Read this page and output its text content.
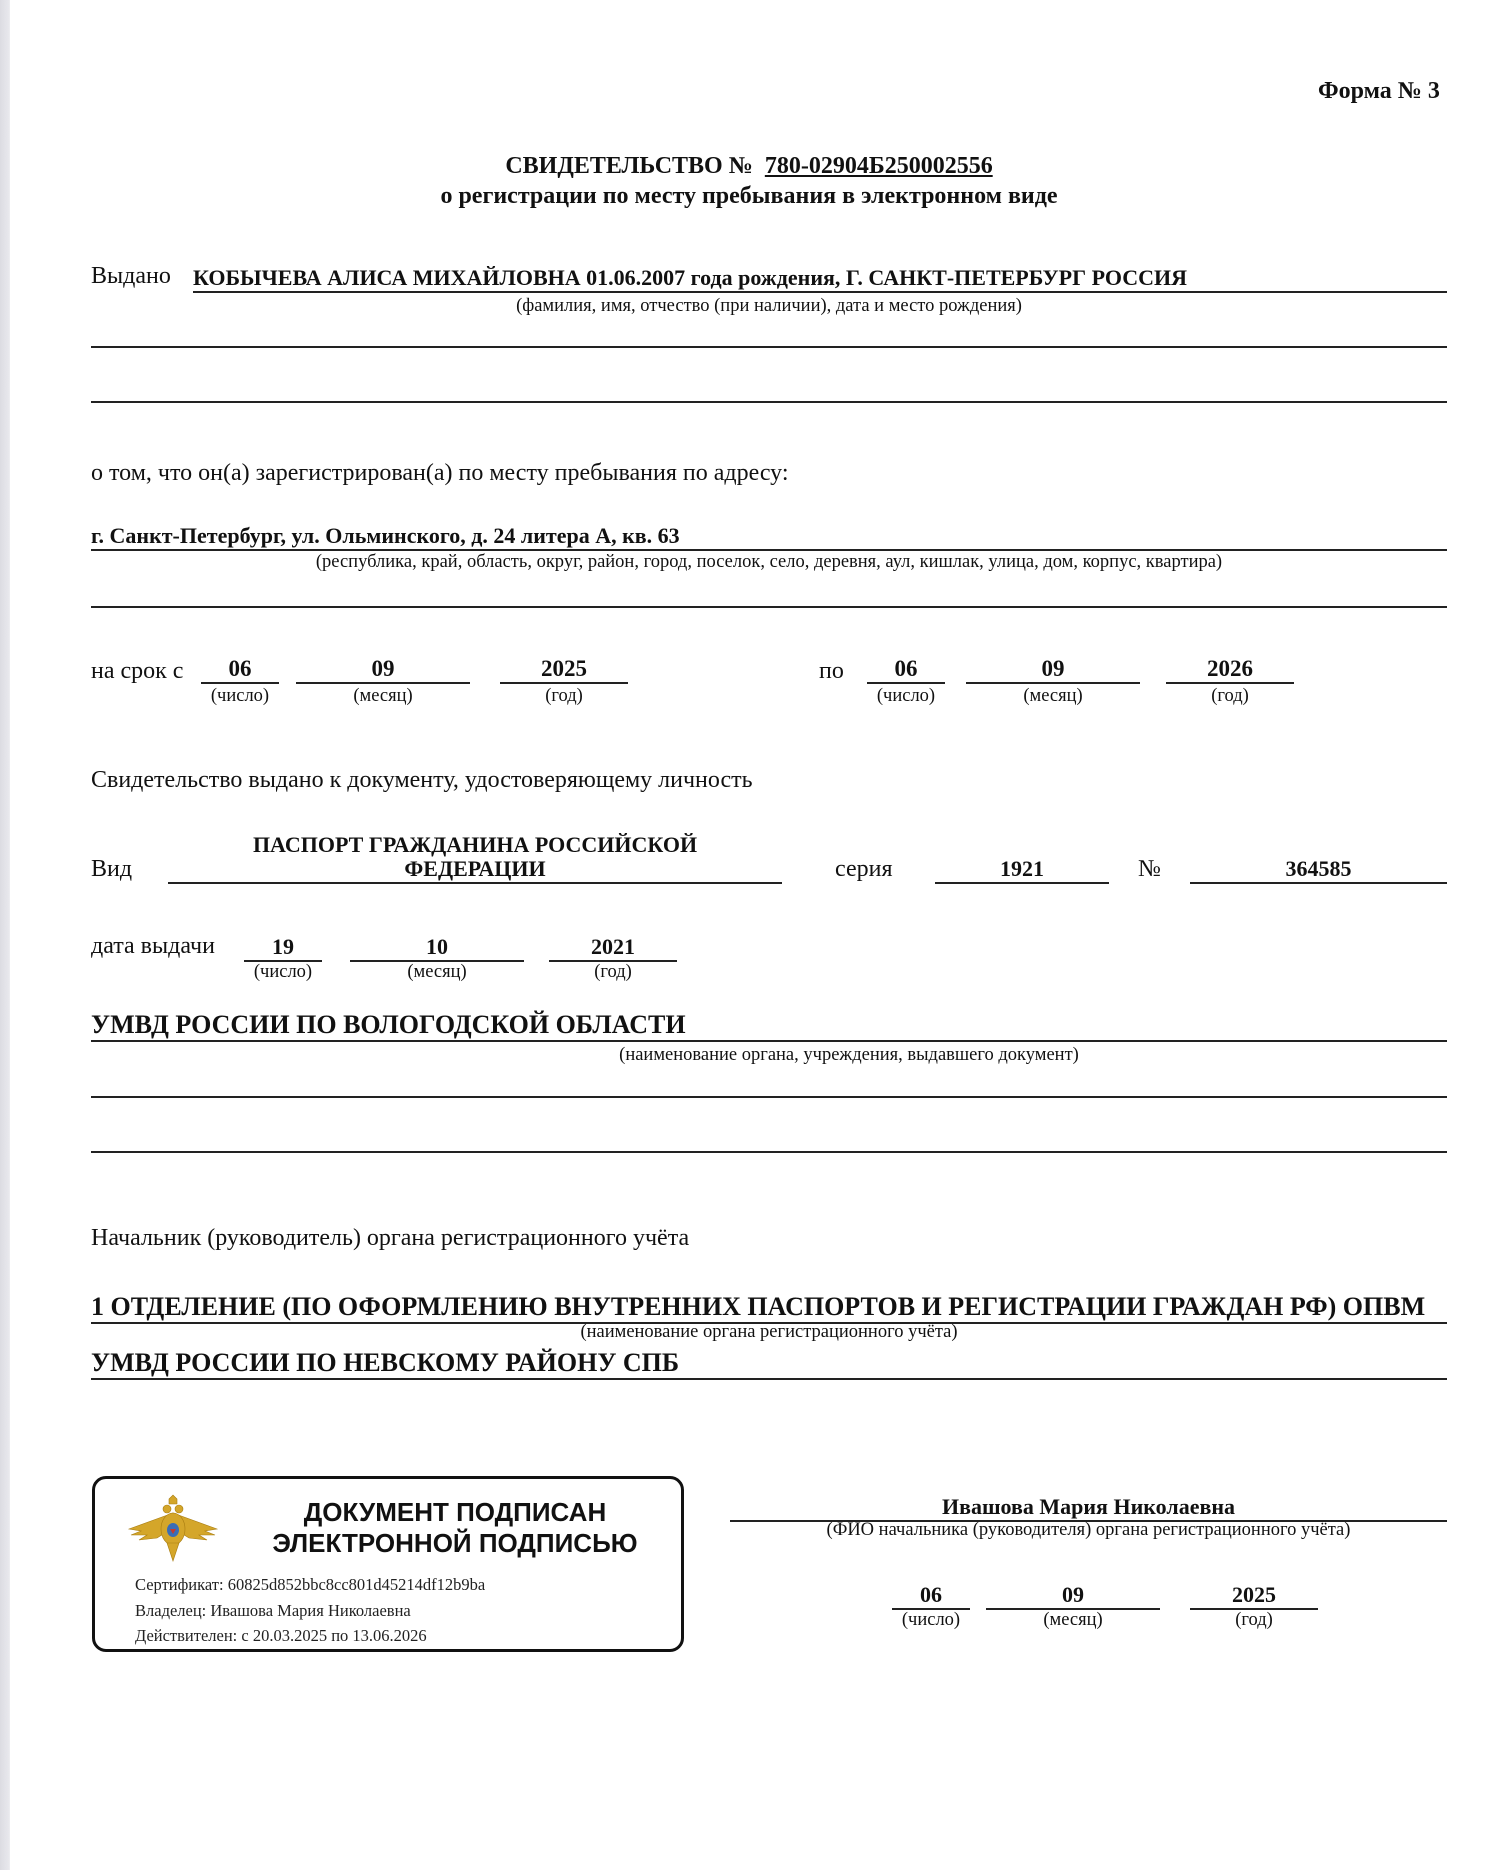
Форма № 3
СВИДЕТЕЛЬСТВО № 780-02904Б250002556
о регистрации по месту пребывания в электронном виде
Выдано КОБЫЧЕВА АЛИСА МИХАЙЛОВНА 01.06.2007 года рождения, Г. САНКТ-ПЕТЕРБУРГ РОССИЯ
(фамилия, имя, отчество (при наличии), дата и место рождения)
о том, что он(а) зарегистрирован(а) по месту пребывания по адресу:
г. Санкт-Петербург, ул. Ольминского, д. 24 литера А, кв. 63
(республика, край, область, округ, район, город, поселок, село, деревня, аул, кишлак, улица, дом, корпус, квартира)
на срок с	06	09	2025
(число)	(месяц)	(год)
по	06	09	2026
(число)	(месяц)	(год)
Свидетельство выдано к документу, удостоверяющему личность
Вид
ПАСПОРТ ГРАЖДАНИНА РОССИЙСКОЙ
ФЕДЕРАЦИИ	серия	1921	№	364585
дата выдачи	19	10	2021
(число)	(месяц)	(год)
УМВД РОССИИ ПО ВОЛОГОДСКОЙ ОБЛАСТИ
(наименование органа, учреждения, выдавшего документ)
Начальник (руководитель) органа регистрационного учёта
1 ОТДЕЛЕНИЕ (ПО ОФОРМЛЕНИЮ ВНУТРЕННИХ ПАСПОРТОВ И РЕГИСТРАЦИИ ГРАЖДАН РФ) ОПВМ
(наименование органа регистрационного учёта)
УМВД РОССИИ ПО НЕВСКОМУ РАЙОНУ СПБ
ДОКУМЕНТ ПОДПИСАН
ЭЛЕКТРОННОЙ ПОДПИСЬЮ
Сертификат: 60825d852bbc8cc801d45214df12b9ba
Владелец: Ивашова Мария Николаевна
Действителен: с 20.03.2025 по 13.06.2026
Ивашова Мария Николаевна
(ФИО начальника (руководителя) органа регистрационного учёта)
06	09	2025
(число)	(месяц)	(год)
